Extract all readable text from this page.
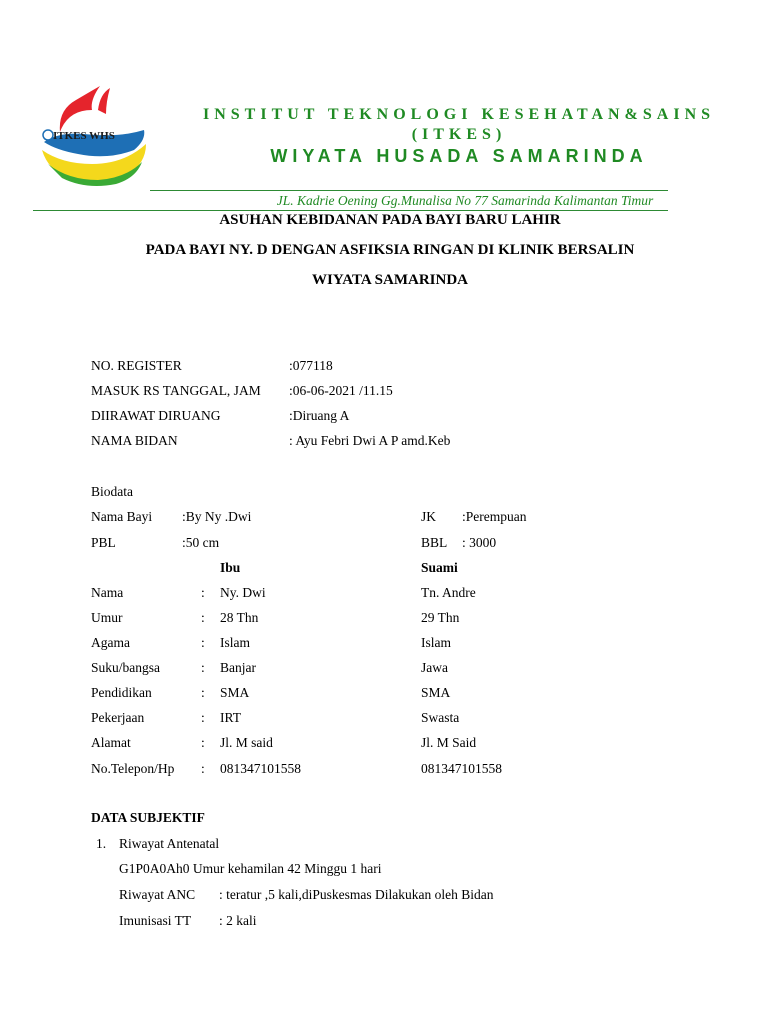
ITKES WHS
INSTITUT TEKNOLOGI KESEHATAN&SAINS
(ITKES)
WIYATA HUSADA SAMARINDA
JL. Kadrie Oening Gg.Munalisa No 77 Samarinda Kalimantan Timur
ASUHAN KEBIDANAN PADA BAYI BARU LAHIR
PADA BAYI NY. D DENGAN ASFIKSIA RINGAN DI KLINIK BERSALIN
WIYATA SAMARINDA
NO. REGISTER	:077118
MASUK RS TANGGAL, JAM :06-06-2021 /11.15
DIIRAWAT DIRUANG	:Diruang A
NAMA BIDAN	: Ayu Febri Dwi A P amd.Keb
Biodata
Nama Bayi :By Ny .Dwi	JK :Perempuan
PBL	:50 cm	BBL : 3000
Ibu	Suami
Nama	: Ny. Dwi	Tn. Andre
Umur	: 28 Thn	29 Thn
Agama	: Islam	Islam
Suku/bangsa	: Banjar	Jawa
Pendidikan	: SMA	SMA
Pekerjaan	: IRT	Swasta
Alamat	: Jl. M said	Jl. M Said
No.Telepon/Hp : 081347101558	081347101558
DATA SUBJEKTIF
1. Riwayat Antenatal
G1P0A0Ah0 Umur kehamilan 42 Minggu 1 hari
Riwayat ANC : teratur ,5 kali,diPuskesmas Dilakukan oleh Bidan
Imunisasi TT : 2 kali
